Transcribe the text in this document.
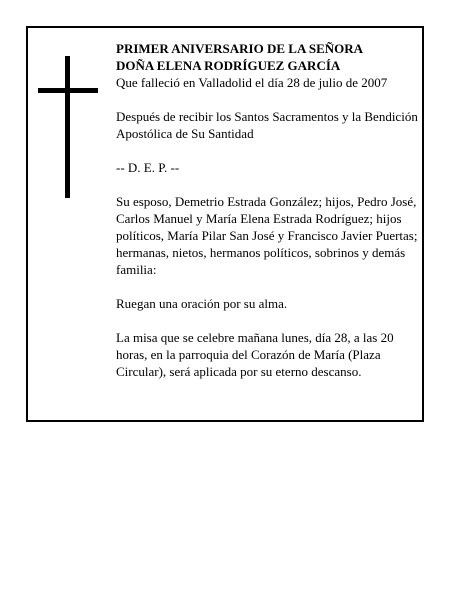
PRIMER ANIVERSARIO DE LA SEÑORA

DOÑA ELENA RODRÍGUEZ GARCÍA

Que falleció en Valladolid el día 28 de julio de 2007

Después de recibir los Santos Sacramentos y la Bendición Apostólica de Su Santidad

-- D. E. P. --

Su esposo, Demetrio Estrada González; hijos, Pedro José, Carlos Manuel y María Elena Estrada Rodríguez; hijos políticos, María Pilar San José y Francisco Javier Puertas; hermanas, nietos, hermanos políticos, sobrinos y demás familia:

Ruegan una oración por su alma.

La misa que se celebre mañana lunes, día 28, a las 20 horas, en la parroquia del Corazón de María (Plaza Circular), será aplicada por su eterno descanso.
